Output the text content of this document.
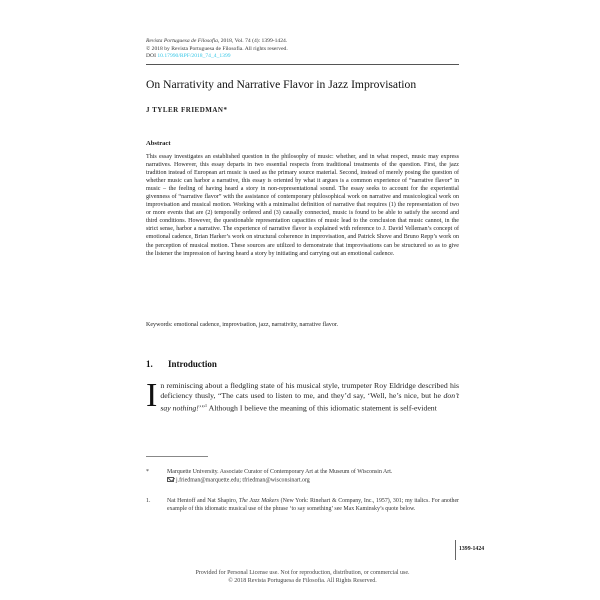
Revista Portuguesa de Filosofia, 2018, Vol. 74 (4): 1399-1424.
© 2018 by Revista Portuguesa de Filosofia. All rights reserved.
DOI 10.17990/RPF/2018_74_4_1399
On Narrativity and Narrative Flavor in Jazz Improvisation
J TYLER FRIEDMAN*
Abstract
This essay investigates an established question in the philosophy of music: whether, and in what respect, music may express narratives. However, this essay departs in two essential respects from traditional treatments of the question. First, the jazz tradition instead of European art music is used as the primary source material. Second, instead of merely posing the question of whether music can harbor a narrative, this essay is oriented by what it argues is a common experience of “narrative flavor” in music – the feeling of having heard a story in non-representational sound. The essay seeks to account for the experiential givenness of “narrative flavor” with the assistance of contemporary philosophical work on narrative and musicological work on improvisation and musical motion. Working with a minimalist definition of narrative that requires (1) the representation of two or more events that are (2) temporally ordered and (3) causally connected, music is found to be able to satisfy the second and third conditions. However, the questionable representation capacities of music lead to the conclusion that music cannot, in the strict sense, harbor a narrative. The experience of narrative flavor is explained with reference to J. David Velleman’s concept of emotional cadence, Brian Harker’s work on structural coherence in improvisation, and Patrick Shove and Bruno Repp’s work on the perception of musical motion. These sources are utilized to demonstrate that improvisations can be structured so as to give the listener the impression of having heard a story by initiating and carrying out an emotional cadence.
Keywords: emotional cadence, improvisation, jazz, narrativity, narrative flavor.
1. Introduction
In reminiscing about a fledgling state of his musical style, trumpeter Roy Eldridge described his deficiency thusly, “The cats used to listen to me, and they’d say, ‘Well, he’s nice, but he don’t say nothing!’”$^1$ Although I believe the meaning of this idiomatic statement is self-evident
*	Marquette University. Associate Curator of Contemporary Art at the Museum of Wisconsin Art.
j.friedman@marquette.edu; tfriedman@wisconsinart.org
1.	Nat Hentoff and Nat Shapiro, The Jazz Makers (New York: Rinehart & Company, Inc., 1957), 301; my italics. For another example of this idiomatic musical use of the phrase ‘to say something’ see Max Kaminsky’s quote below.
1399-1424
Provided for Personal License use. Not for reproduction, distribution, or commercial use.
© 2018 Revista Portuguesa de Filosofia. All Rights Reserved.
